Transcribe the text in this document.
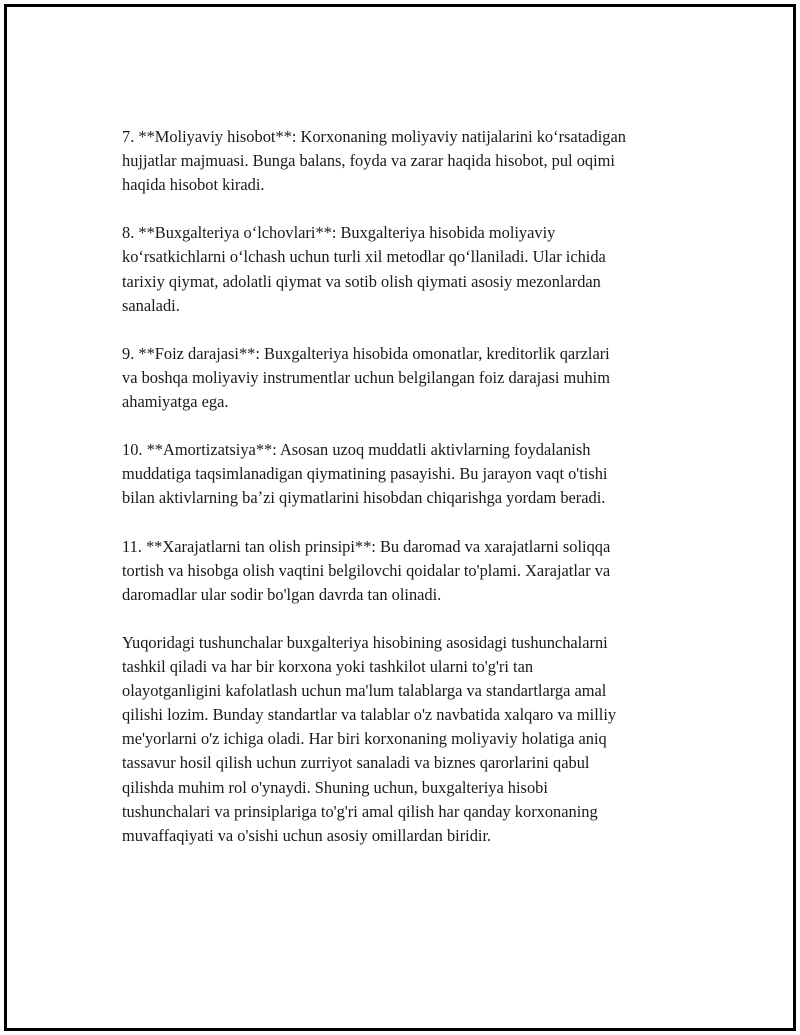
7. **Moliyaviy hisobot**: Korxonaning moliyaviy natijalarini koʻrsatadigan
hujjatlar majmuasi. Bunga balans, foyda va zarar haqida hisobot, pul oqimi
haqida hisobot kiradi.

8. **Buxgalteriya oʻlchovlari**: Buxgalteriya hisobida moliyaviy
koʻrsatkichlarni oʻlchash uchun turli xil metodlar qoʻllaniladi. Ular ichida
tarixiy qiymat, adolatli qiymat va sotib olish qiymati asosiy mezonlardan
sanaladi.

9. **Foiz darajasi**: Buxgalteriya hisobida omonatlar, kreditorlik qarzlari
va boshqa moliyaviy instrumentlar uchun belgilangan foiz darajasi muhim
ahamiyatga ega.

10. **Amortizatsiya**: Asosan uzoq muddatli aktivlarning foydalanish
muddatiga taqsimlanadigan qiymatining pasayishi. Bu jarayon vaqt o'tishi
bilan aktivlarning baʼzi qiymatlarini hisobdan chiqarishga yordam beradi.

11. **Xarajatlarni tan olish prinsipi**: Bu daromad va xarajatlarni soliqqa
tortish va hisobga olish vaqtini belgilovchi qoidalar to'plami. Xarajatlar va
daromadlar ular sodir bo'lgan davrda tan olinadi.

Yuqoridagi tushunchalar buxgalteriya hisobining asosidagi tushunchalarni
tashkil qiladi va har bir korxona yoki tashkilot ularni to'g'ri tan
olayotganligini kafolatlash uchun ma'lum talablarga va standartlarga amal
qilishi lozim. Bunday standartlar va talablar o'z navbatida xalqaro va milliy
me'yorlarni o'z ichiga oladi. Har biri korxonaning moliyaviy holatiga aniq
tassavur hosil qilish uchun zurriyot sanaladi va biznes qarorlarini qabul
qilishda muhim rol o'ynaydi. Shuning uchun, buxgalteriya hisobi
tushunchalari va prinsiplariga to'g'ri amal qilish har qanday korxonaning
muvaffaqiyati va o'sishi uchun asosiy omillardan biridir.
